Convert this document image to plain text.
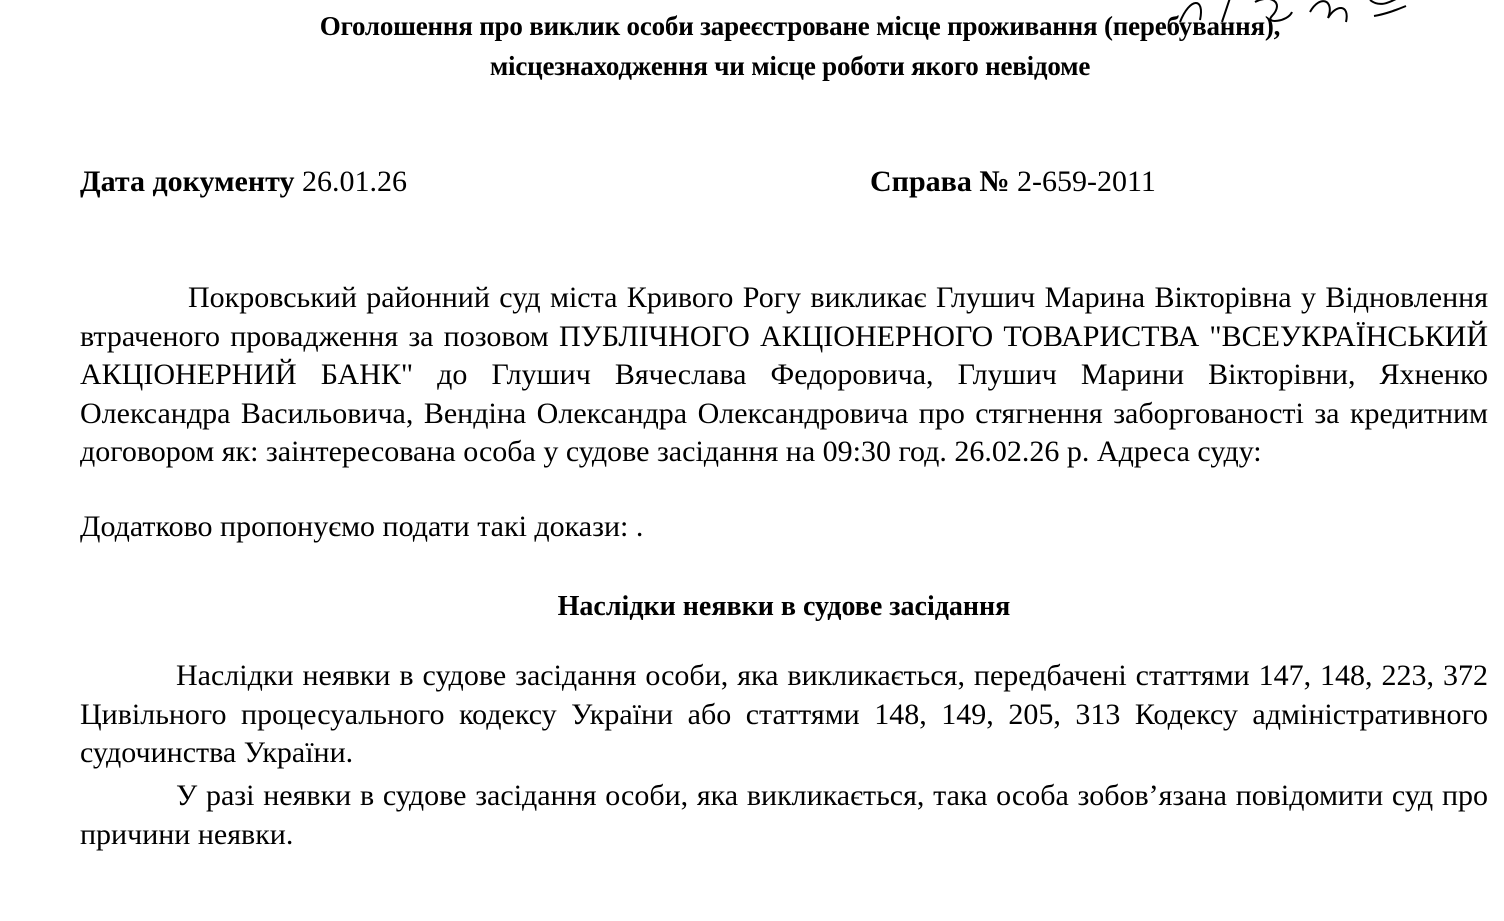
Оголошення про виклик особи зареєстроване місце проживання (перебування),
місцезнаходження чи місце роботи якого невідоме
Дата документу 26.01.26	Справа № 2-659-2011
Покровський районний суд міста Кривого Рогу викликає Глушич Марина Вікторівна у Відновлення втраченого провадження за позовом ПУБЛІЧНОГО АКЦІОНЕРНОГО ТОВАРИСТВА "ВСЕУКРАЇНСЬКИЙ АКЦІОНЕРНИЙ БАНК" до Глушич Вячеслава Федоровича, Глушич Марини Вікторівни, Яхненко Олександра Васильовича, Вендіна Олександра Олександровича про стягнення заборгованості за кредитним договором як: заінтересована особа у судове засідання на 09:30 год. 26.02.26 р. Адреса суду:
Додатково пропонуємо подати такі докази: .
Наслідки неявки в судове засідання
Наслідки неявки в судове засідання особи, яка викликається, передбачені статтями 147, 148, 223, 372 Цивільного процесуального кодексу України або статтями 148, 149, 205, 313 Кодексу адміністративного судочинства України.
У разі неявки в судове засідання особи, яка викликається, така особа зобов’язана повідомити суд про причини неявки.
